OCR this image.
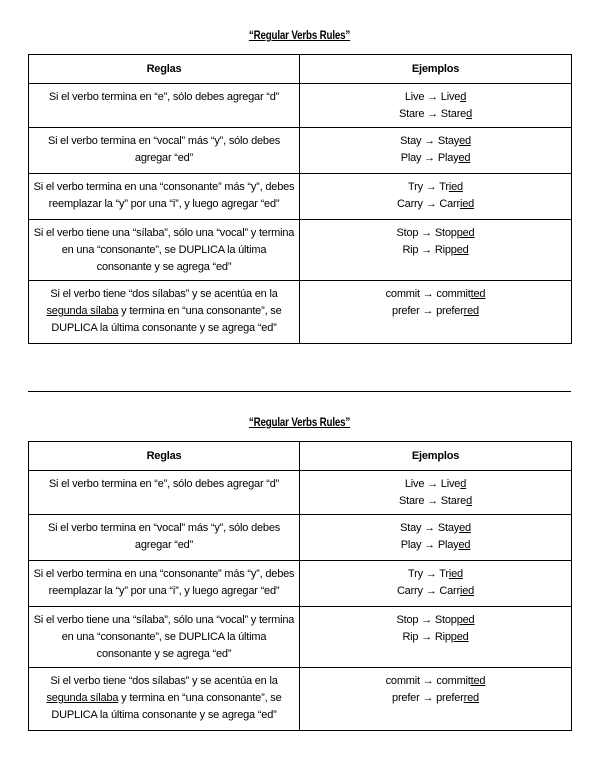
“Regular Verbs Rules”
Reglas	Ejemplos
Si el verbo termina en “e”, sólo debes agregar “d”	Live → Lived
Stare → Stared

Si el verbo termina en “vocal” más “y”, sólo debes agregar “ed”	Stay → Stayed
Play → Played

Si el verbo termina en una “consonante” más “y”, debes reemplazar la “y” por una “i”, y luego agregar “ed”	Try → Tried
Carry → Carried

Si el verbo tiene una “sílaba”, sólo una “vocal” y termina en una “consonante”, se DUPLICA la última consonante y se agrega “ed”	Stop → Stopped
Rip → Ripped

Si el verbo tiene “dos sílabas” y se acentúa en la segunda sílaba y termina en “una consonante”, se DUPLICA la última consonante y se agrega “ed”	commit → committed
prefer → preferred
“Regular Verbs Rules”
Reglas	Ejemplos
Si el verbo termina en “e”, sólo debes agregar “d”	Live → Lived
Stare → Stared

Si el verbo termina en “vocal” más “y”, sólo debes agregar “ed”	Stay → Stayed
Play → Played

Si el verbo termina en una “consonante” más “y”, debes reemplazar la “y” por una “i”, y luego agregar “ed”	Try → Tried
Carry → Carried

Si el verbo tiene una “sílaba”, sólo una “vocal” y termina en una “consonante”, se DUPLICA la última consonante y se agrega “ed”	Stop → Stopped
Rip → Ripped

Si el verbo tiene “dos sílabas” y se acentúa en la segunda sílaba y termina en “una consonante”, se DUPLICA la última consonante y se agrega “ed”	commit → committed
prefer → preferred
